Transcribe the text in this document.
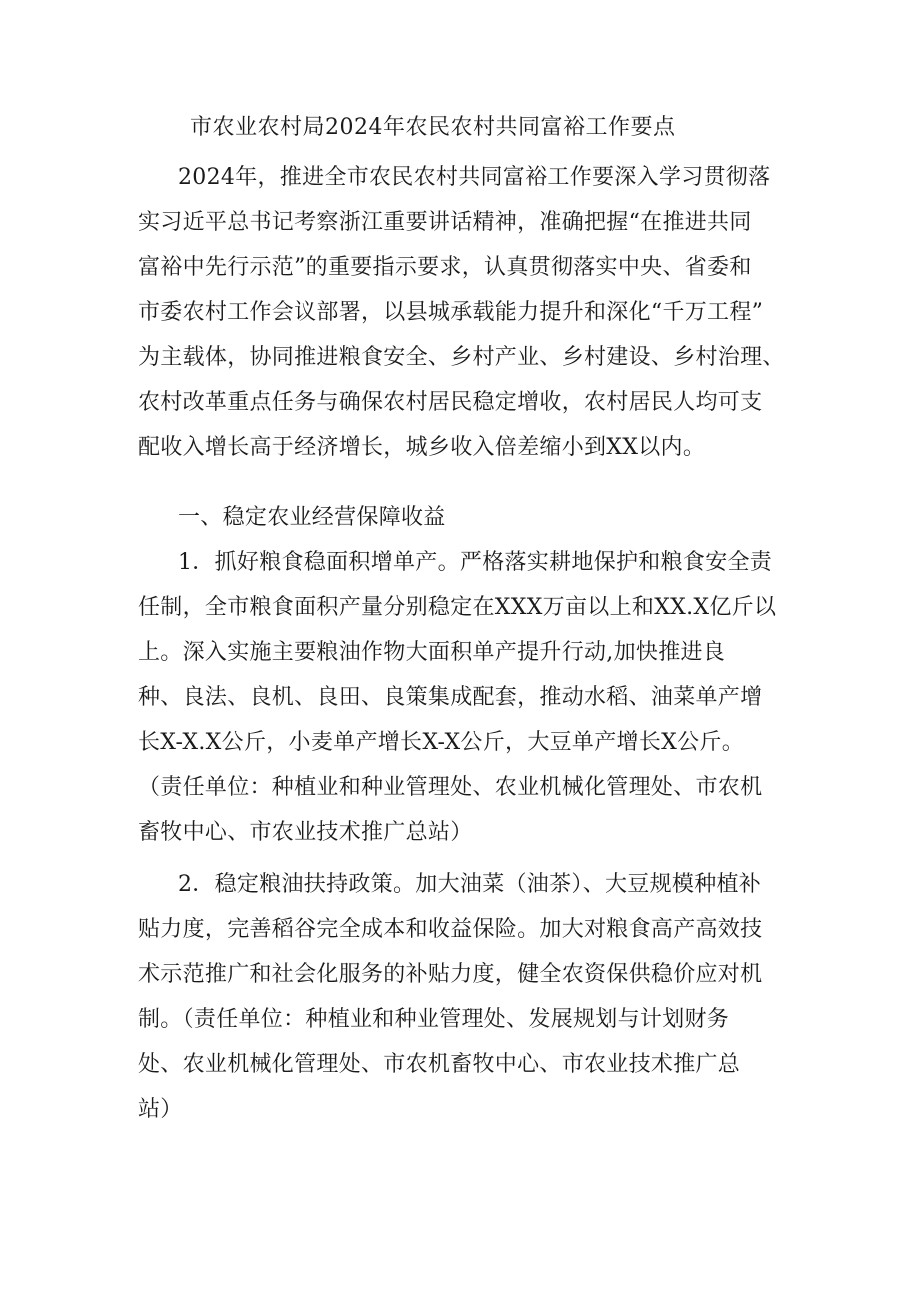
市农业农村局2024年农民农村共同富裕工作要点
2024年，推进全市农民农村共同富裕工作要深入学习贯彻落
实习近平总书记考察浙江重要讲话精神，准确把握“在推进共同
富裕中先行示范”的重要指示要求，认真贯彻落实中央、省委和
市委农村工作会议部署，以县城承载能力提升和深化“千万工程”
为主载体，协同推进粮食安全、乡村产业、乡村建设、乡村治理、
农村改革重点任务与确保农村居民稳定增收，农村居民人均可支
配收入增长高于经济增长，城乡收入倍差缩小到XX以内。
一、稳定农业经营保障收益
1．抓好粮食稳面积增单产。严格落实耕地保护和粮食安全责
任制，全市粮食面积产量分别稳定在XXX万亩以上和XX.X亿斤以
上。深入实施主要粮油作物大面积单产提升行动,加快推进良
种、良法、良机、良田、良策集成配套，推动水稻、油菜单产增
长X-X.X公斤，小麦单产增长X-X公斤，大豆单产增长X公斤。
（责任单位：种植业和种业管理处、农业机械化管理处、市农机
畜牧中心、市农业技术推广总站）
2．稳定粮油扶持政策。加大油菜（油茶）、大豆规模种植补
贴力度，完善稻谷完全成本和收益保险。加大对粮食高产高效技
术示范推广和社会化服务的补贴力度，健全农资保供稳价应对机
制。（责任单位：种植业和种业管理处、发展规划与计划财务
处、农业机械化管理处、市农机畜牧中心、市农业技术推广总
站）
